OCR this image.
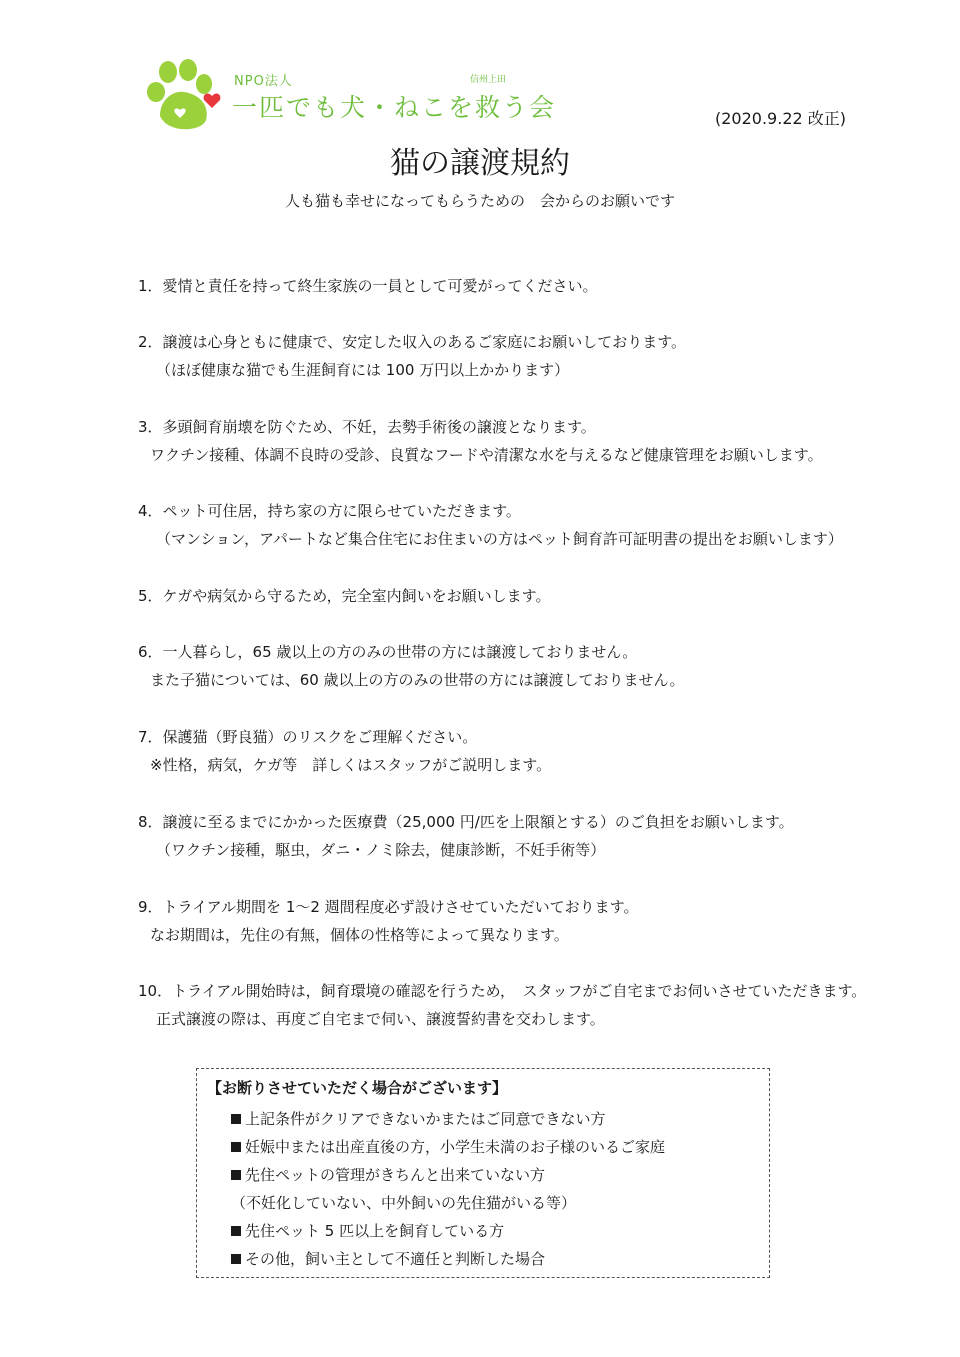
NPO法人	信州上田
一匹でも犬・ねこを救う会	(2020.9.22 改正)
猫の譲渡規約
人も猫も幸せになってもらうための　会からのお願いです
1．愛情と責任を持って終生家族の一員として可愛がってください。
2．譲渡は心身ともに健康で、安定した収入のあるご家庭にお願いしております。
（ほぼ健康な猫でも生涯飼育には 100 万円以上かかります）
3．多頭飼育崩壊を防ぐため、不妊，去勢手術後の譲渡となります。
ワクチン接種、体調不良時の受診、良質なフードや清潔な水を与えるなど健康管理をお願いします。
4．ペット可住居，持ち家の方に限らせていただきます。
（マンション，アパートなど集合住宅にお住まいの方はペット飼育許可証明書の提出をお願いします）
5．ケガや病気から守るため，完全室内飼いをお願いします。
6．一人暮らし，65 歳以上の方のみの世帯の方には譲渡しておりません。
また子猫については、60 歳以上の方のみの世帯の方には譲渡しておりません。
7．保護猫（野良猫）のリスクをご理解ください。
※性格，病気，ケガ等　詳しくはスタッフがご説明します。
8．譲渡に至るまでにかかった医療費（25,000 円/匹を上限額とする）のご負担をお願いします。
（ワクチン接種，駆虫，ダニ・ノミ除去，健康診断，不妊手術等）
9．トライアル期間を 1～2 週間程度必ず設けさせていただいております。
なお期間は，先住の有無，個体の性格等によって異なります。
10．トライアル開始時は，飼育環境の確認を行うため，　スタッフがご自宅までお伺いさせていただきます。
正式譲渡の際は、再度ご自宅まで伺い、譲渡誓約書を交わします。
【お断りさせていただく場合がございます】
上記条件がクリアできないかまたはご同意できない方
妊娠中または出産直後の方，小学生未満のお子様のいるご家庭
先住ペットの管理がきちんと出来ていない方
（不妊化していない、中外飼いの先住猫がいる等）
先住ペット 5 匹以上を飼育している方
その他，飼い主として不適任と判断した場合
